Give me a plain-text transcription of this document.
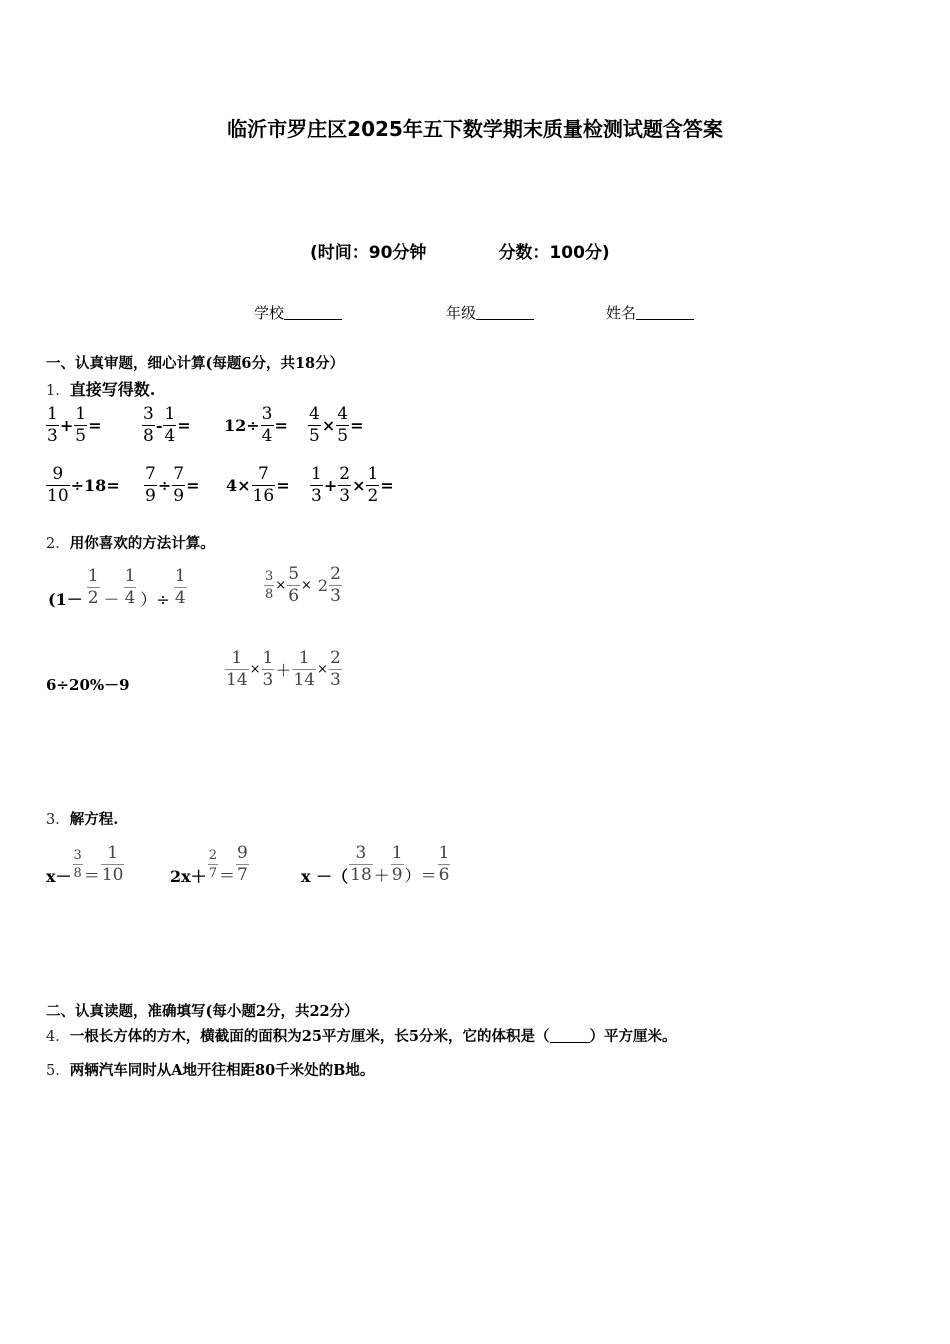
临沂市罗庄区2025年五下数学期末质量检测试题含答案
(时间：90分钟	分数：100分)
学校	年级	姓名
一、认真审题，细心计算(每题6分，共18分）
1．直接写得数.
$\frac{1}{3} + \frac{1}{5} = \frac{3}{8} - \frac{1}{4} = 12\div \frac{3}{4} = \frac{4}{5} \times \frac{4}{5}$ =
$\frac{9}{10} \div 18= \frac{7}{9} \div \frac{7}{9} = 4\times \frac{7}{16} = \frac{1}{3} + \frac{2}{3} \times \frac{1}{2}$ =
2．用你喜欢的方法计算。
($1- \frac{1}{2} - \frac{1}{4}$ ）÷ $\frac{1}{4}$	$\frac{3}{8} \times \frac{5}{6} \times 2 \frac{2}{3}$
6÷20%－9	$\frac{1}{14} \times \frac{1}{3} + \frac{1}{14} \times \frac{2}{3}$
3．解方程.
$x- \frac{3}{8} = \frac{1}{10}$	$2x+ \frac{2}{7} = \frac{9}{7}$	x －（ $\frac{3}{18} + \frac{1}{9}$ ）＝ $\frac{1}{6}$
二、认真读题，准确填写(每小题2分，共22分）
4．一根长方体的方木，横截面的面积为25平方厘米，长5分米，它的体积是（	）平方厘米。
5．两辆汽车同时从A地开往相距80千米处的B地。
